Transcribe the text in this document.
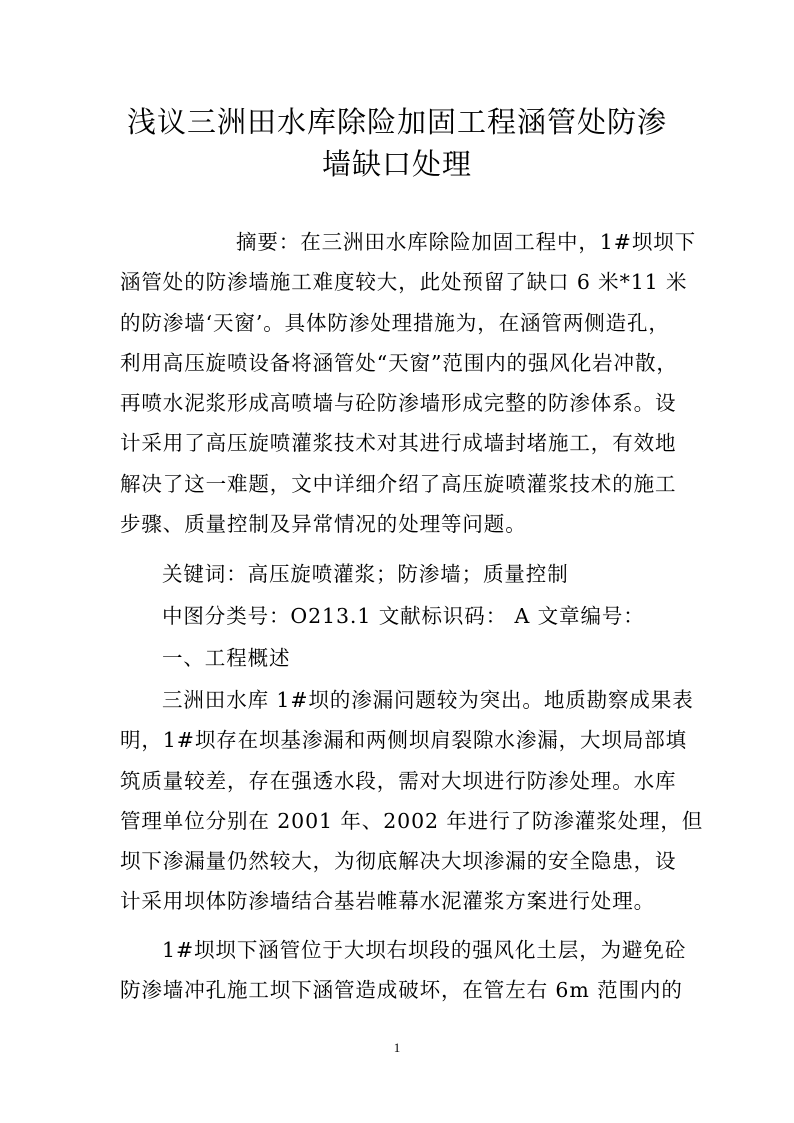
浅议三洲田水库除险加固工程涵管处防渗
墙缺口处理
摘要：在三洲田水库除险加固工程中，1#坝坝下
涵管处的防渗墙施工难度较大，此处预留了缺口 6 米*11 米
的防渗墙‘天窗’。具体防渗处理措施为，在涵管两侧造孔，
利用高压旋喷设备将涵管处“天窗”范围内的强风化岩冲散，
再喷水泥浆形成高喷墙与砼防渗墙形成完整的防渗体系。设
计采用了高压旋喷灌浆技术对其进行成墙封堵施工，有效地
解决了这一难题，文中详细介绍了高压旋喷灌浆技术的施工
步骤、质量控制及异常情况的处理等问题。
关键词：高压旋喷灌浆；防渗墙；质量控制
中图分类号：O213.1 文献标识码： A 文章编号：
一、工程概述
三洲田水库 1#坝的渗漏问题较为突出。地质勘察成果表
明，1#坝存在坝基渗漏和两侧坝肩裂隙水渗漏，大坝局部填
筑质量较差，存在强透水段，需对大坝进行防渗处理。水库
管理单位分别在 2001 年、2002 年进行了防渗灌浆处理，但
坝下渗漏量仍然较大，为彻底解决大坝渗漏的安全隐患，设
计采用坝体防渗墙结合基岩帷幕水泥灌浆方案进行处理。
1#坝坝下涵管位于大坝右坝段的强风化土层，为避免砼
防渗墙冲孔施工坝下涵管造成破坏，在管左右 6m 范围内的
1
